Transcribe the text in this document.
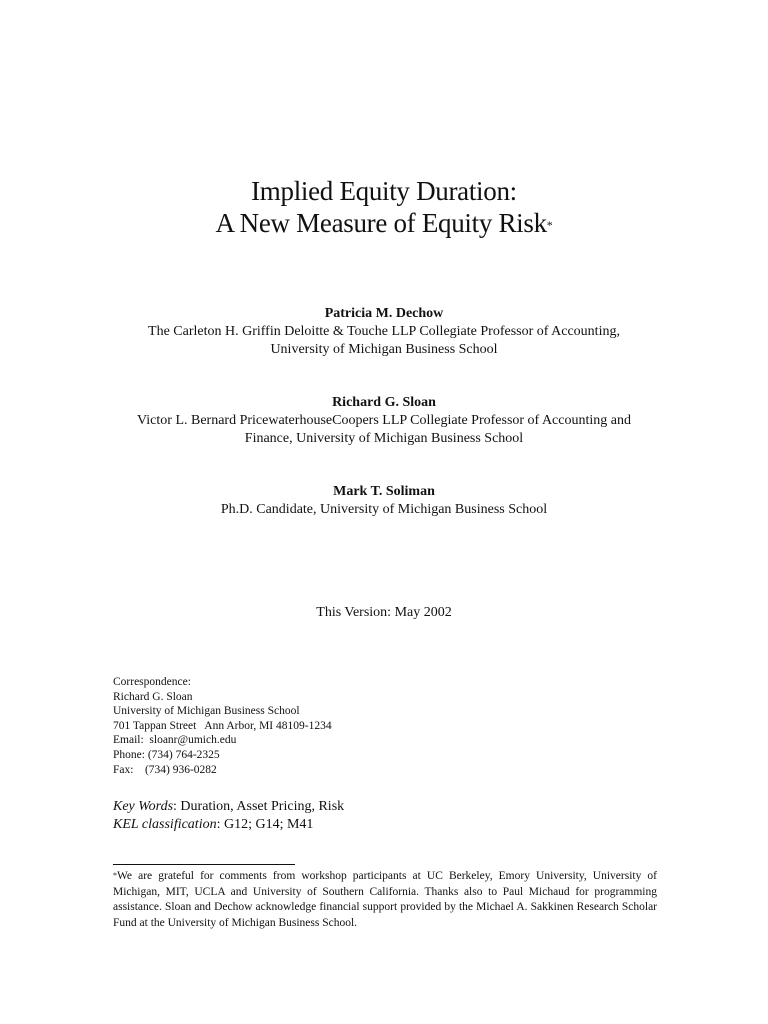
Implied Equity Duration:
A New Measure of Equity Risk*
Patricia M. Dechow
The Carleton H. Griffin Deloitte & Touche LLP Collegiate Professor of Accounting,
University of Michigan Business School
Richard G. Sloan
Victor L. Bernard PricewaterhouseCoopers LLP Collegiate Professor of Accounting and
Finance, University of Michigan Business School
Mark T. Soliman
Ph.D. Candidate, University of Michigan Business School
This Version: May 2002
Correspondence:
Richard G. Sloan
University of Michigan Business School
701 Tappan Street   Ann Arbor, MI 48109-1234
Email:  sloanr@umich.edu
Phone: (734) 764-2325
Fax:    (734) 936-0282
Key Words: Duration, Asset Pricing, Risk
KEL classification: G12; G14; M41
*We are grateful for comments from workshop participants at UC Berkeley, Emory University, University of Michigan, MIT, UCLA and University of Southern California. Thanks also to Paul Michaud for programming assistance. Sloan and Dechow acknowledge financial support provided by the Michael A. Sakkinen Research Scholar Fund at the University of Michigan Business School.
